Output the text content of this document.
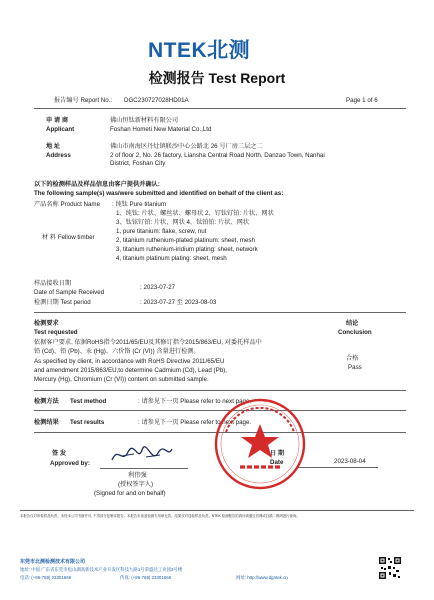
NTEK北测
检测报告 Test Report
报告编号 Report No.: DGC230727028HD01A	Page 1 of 6
申 请 商
Applicant
佛山恒钛新材料有限公司
Foshan Hometi New Material Co.,Ltd
地 址
Address
佛山市南海区丹灶镇联沙中心公路北 26 号厂房二层之二
2 of floor 2, No. 26 factory, Liansha Central Road North, Danzao Town, Nanhai
District, Foshan City
以下的检测样品及样品信息由客户提供并确认:
The following sample(s) was/were submitted and identified on behalf of the client as:
产品名称 Product Name : 纯钛 Pure titanium
1、纯钛: 片状、螺丝状、螺母状 2、钌钛钌铂: 片状、网状
3、钛铱钌铂: 片状、网状 4、钛铂铂: 片状、网状
材 料 Fellow timber
1, pure titanium: flake, screw, nut
2, titanium ruthenium-plated platinum: sheet, mesh
3, titanium ruthenium-iridium plating: sheet, network
4, titanium platinum plating: sheet, mesh
样品接收日期
Date of Sample Received
: 2023-07-27
检测日期 Test period	: 2023-07-27 至 2023-08-03
检测要求
Test requested
结论
Conclusion
依据客户要求, 依据RoHS指令2011/65/EU及其修订指令2015/863/EU, 对委托样品中
铅 (Cd)、铅 (Pb)、汞 (Hg)、六价铬 (Cr (VI)) 含量进行检测。
合格
Pass
As specified by client, in accordance with RoHS Directive 2011/65/EU
and amendment 2015/863/EU,to determine Cadmium (Cd), Lead (Pb),
Mercury (Hg), Chromium (Cr (VI)) content on submitted sample.
检测方法 Test method	: 请参见下一页 Please refer to next page.
检测结果 Test results	: 请参见下一页 Please refer to next page.
签 发
Approved by:
利伟强
(授权签字人)
(Signed for and on behalf)
日 期
Date	2023-08-04
本报告仅对所检样品负责。未经本公司书面许可, 不得部分复制本报告。本报告未加盖检测专用章无效。结果仅对送检样品负责。NTEK 检测报告的真伪请通过官网或扫描二维码进行查询。
东莞市北测检测技术有限公司
地址: 中国 广东省东莞市松山湖高新技术产业开发区科技九路1号荣盛达工业园3号楼
电话: (+86-769) 23301666	传真: (+86-769) 23301666	网址: http://www.dgntek.cn
